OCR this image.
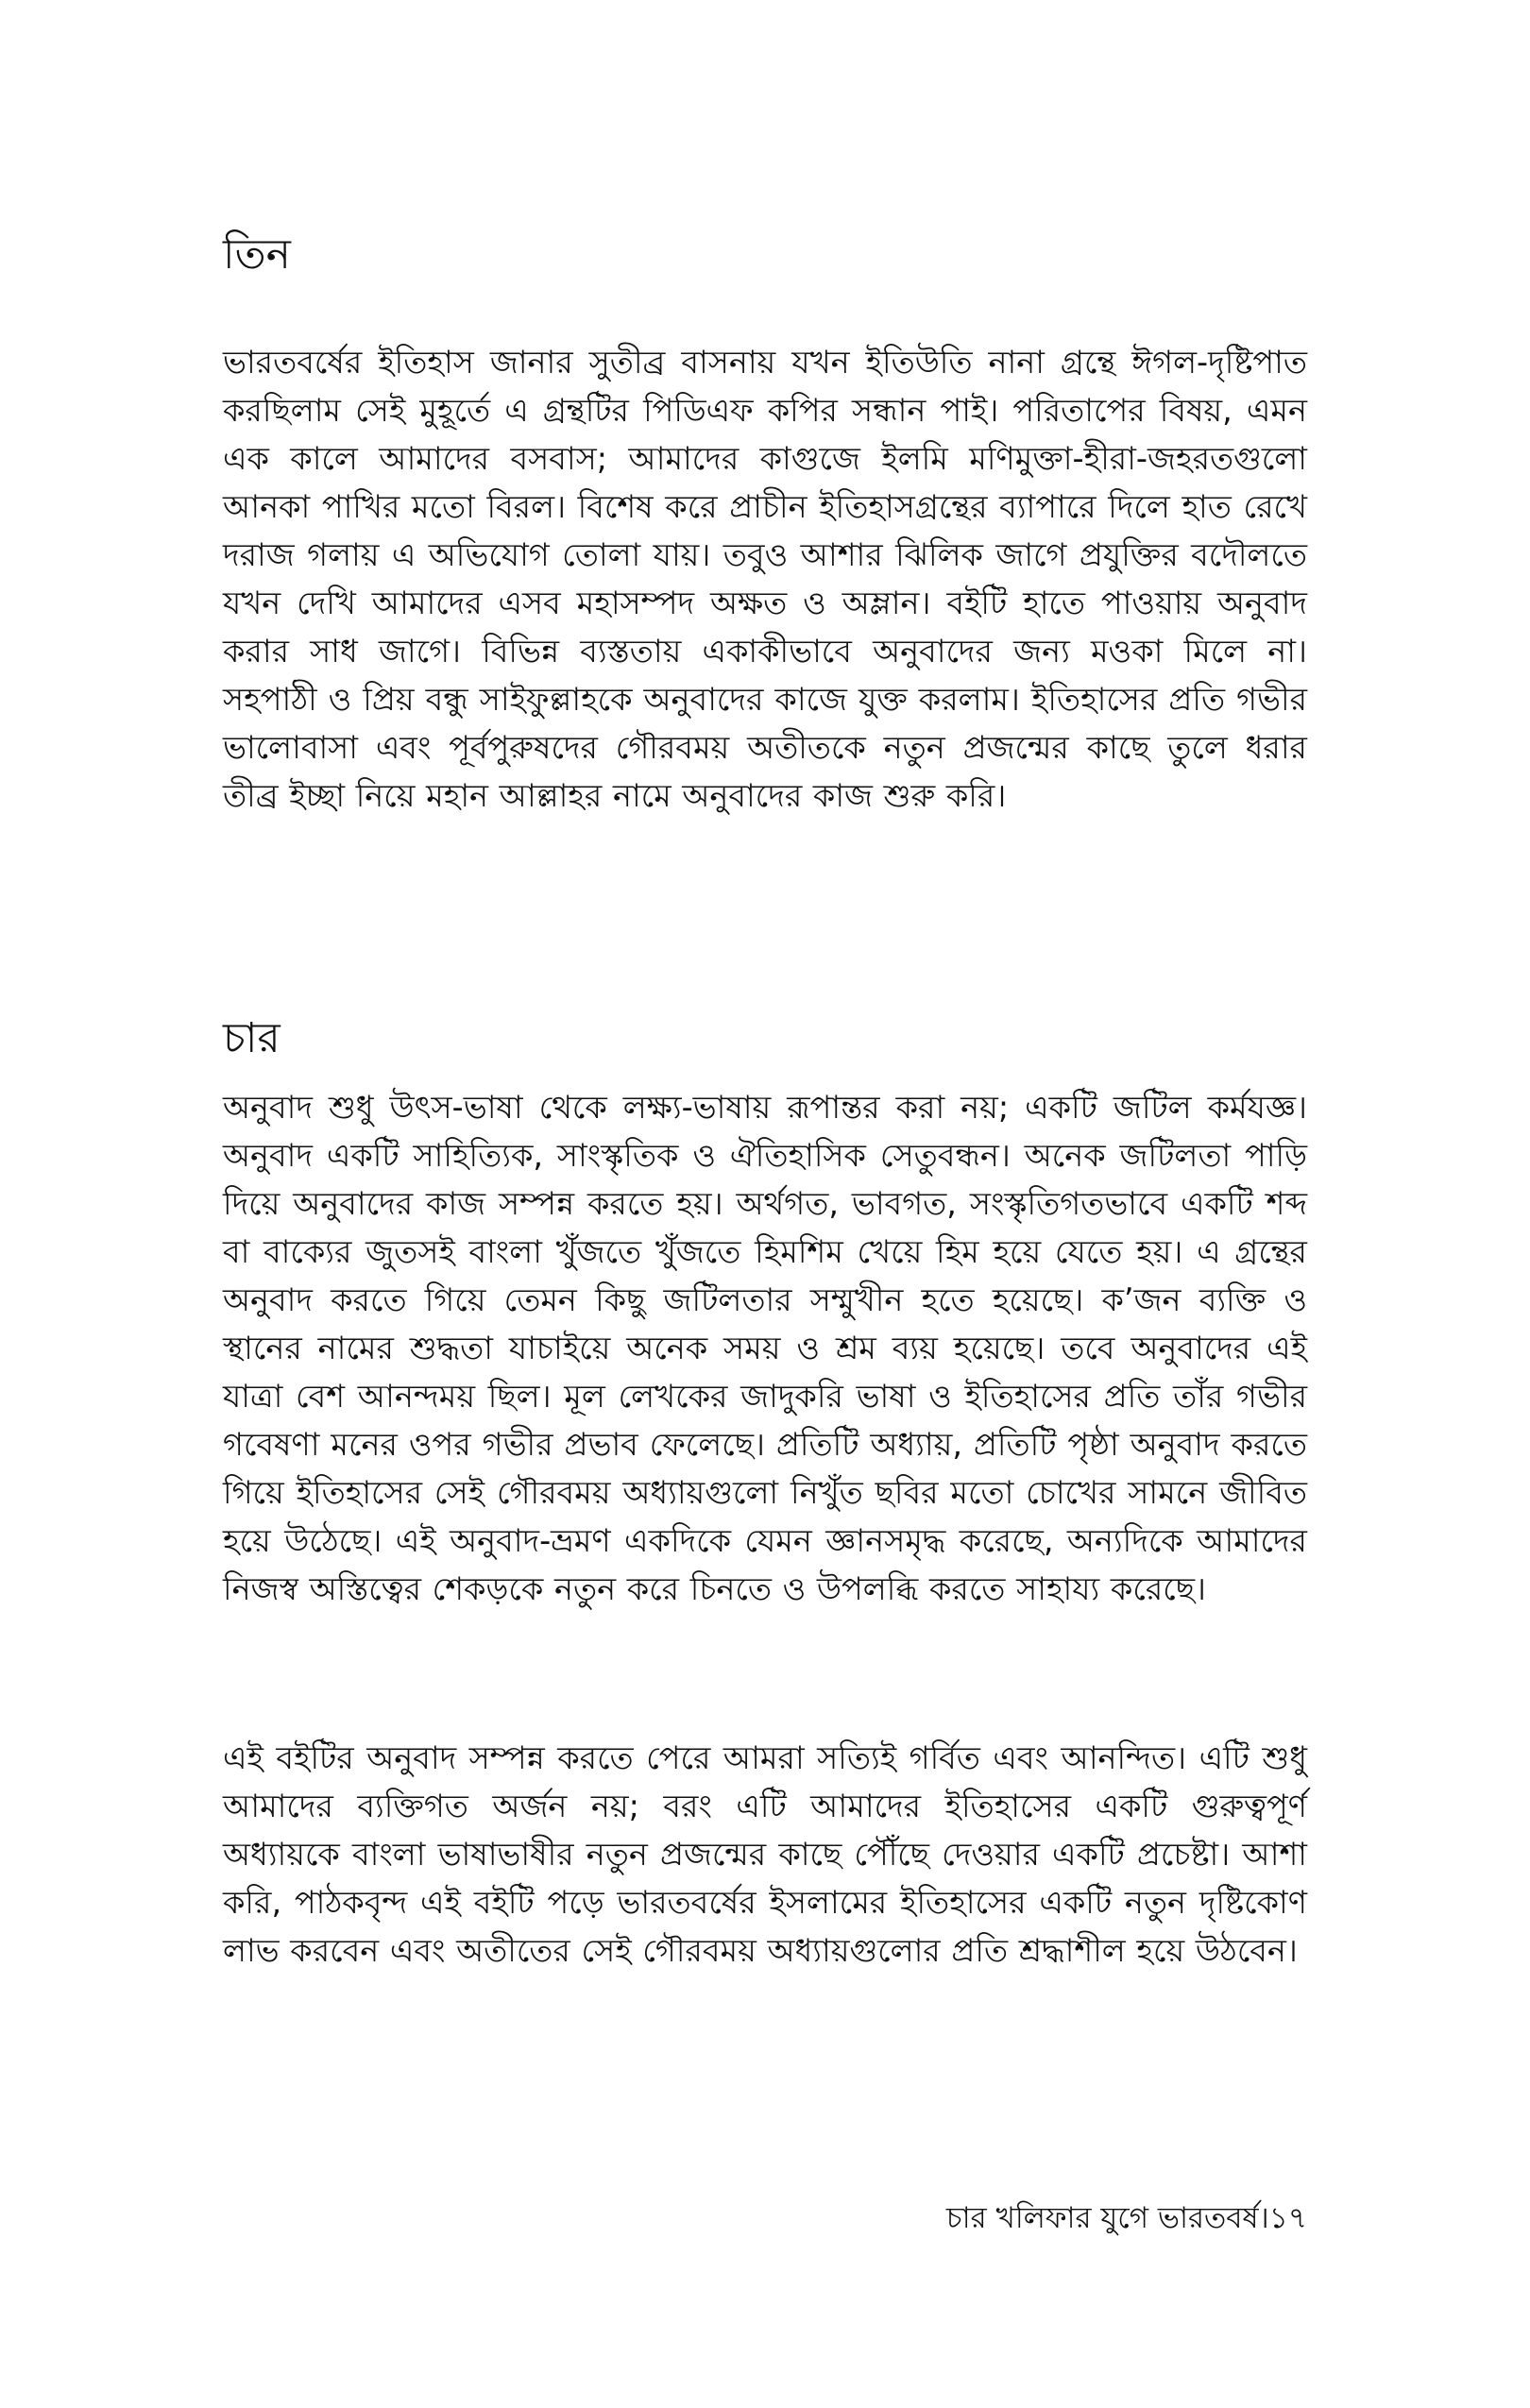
তিন

ভারতবর্ষের ইতিহাস জানার সুতীব্র বাসনায় যখন ইতিউতি নানা গ্রন্থে ঈগল-দৃষ্টিপাত করছিলাম সেই মুহূর্তে এ গ্রন্থটির পিডিএফ কপির সন্ধান পাই। পরিতাপের বিষয়, এমন এক কালে আমাদের বসবাস; আমাদের কাগুজে ইলমি মণিমুক্তা-হীরা-জহরতগুলো আনকা পাখির মতো বিরল। বিশেষ করে প্রাচীন ইতিহাসগ্রন্থের ব্যাপারে দিলে হাত রেখে দরাজ গলায় এ অভিযোগ তোলা যায়। তবুও আশার ঝিলিক জাগে প্রযুক্তির বদৌলতে যখন দেখি আমাদের এসব মহাসম্পদ অক্ষত ও অম্লান। বইটি হাতে পাওয়ায় অনুবাদ করার সাধ জাগে। বিভিন্ন ব্যস্ততায় একাকীভাবে অনুবাদের জন্য মওকা মিলে না। সহপাঠী ও প্রিয় বন্ধু সাইফুল্লাহকে অনুবাদের কাজে যুক্ত করলাম। ইতিহাসের প্রতি গভীর ভালোবাসা এবং পূর্বপুরুষদের গৌরবময় অতীতকে নতুন প্রজন্মের কাছে তুলে ধরার তীব্র ইচ্ছা নিয়ে মহান আল্লাহর নামে অনুবাদের কাজ শুরু করি।

চার

অনুবাদ শুধু উৎস-ভাষা থেকে লক্ষ্য-ভাষায় রূপান্তর করা নয়; একটি জটিল কর্মযজ্ঞ। অনুবাদ একটি সাহিত্যিক, সাংস্কৃতিক ও ঐতিহাসিক সেতুবন্ধন। অনেক জটিলতা পাড়ি দিয়ে অনুবাদের কাজ সম্পন্ন করতে হয়। অর্থগত, ভাবগত, সংস্কৃতিগতভাবে একটি শব্দ বা বাক্যের জুতসই বাংলা খুঁজতে খুঁজতে হিমশিম খেয়ে হিম হয়ে যেতে হয়। এ গ্রন্থের অনুবাদ করতে গিয়ে তেমন কিছু জটিলতার সম্মুখীন হতে হয়েছে। ক’জন ব্যক্তি ও স্থানের নামের শুদ্ধতা যাচাইয়ে অনেক সময় ও শ্রম ব্যয় হয়েছে। তবে অনুবাদের এই যাত্রা বেশ আনন্দময় ছিল। মূল লেখকের জাদুকরি ভাষা ও ইতিহাসের প্রতি তাঁর গভীর গবেষণা মনের ওপর গভীর প্রভাব ফেলেছে। প্রতিটি অধ্যায়, প্রতিটি পৃষ্ঠা অনুবাদ করতে গিয়ে ইতিহাসের সেই গৌরবময় অধ্যায়গুলো নিখুঁত ছবির মতো চোখের সামনে জীবিত হয়ে উঠেছে। এই অনুবাদ-ভ্রমণ একদিকে যেমন জ্ঞানসমৃদ্ধ করেছে, অন্যদিকে আমাদের নিজস্ব অস্তিত্বের শেকড়কে নতুন করে চিনতে ও উপলব্ধি করতে সাহায্য করেছে।

এই বইটির অনুবাদ সম্পন্ন করতে পেরে আমরা সত্যিই গর্বিত এবং আনন্দিত। এটি শুধু আমাদের ব্যক্তিগত অর্জন নয়; বরং এটি আমাদের ইতিহাসের একটি গুরুত্বপূর্ণ অধ্যায়কে বাংলা ভাষাভাষীর নতুন প্রজন্মের কাছে পৌঁছে দেওয়ার একটি প্রচেষ্টা। আশা করি, পাঠকবৃন্দ এই বইটি পড়ে ভারতবর্ষের ইসলামের ইতিহাসের একটি নতুন দৃষ্টিকোণ লাভ করবেন এবং অতীতের সেই গৌরবময় অধ্যায়গুলোর প্রতি শ্রদ্ধাশীল হয়ে উঠবেন।

চার খলিফার যুগে ভারতবর্ষ।১৭
